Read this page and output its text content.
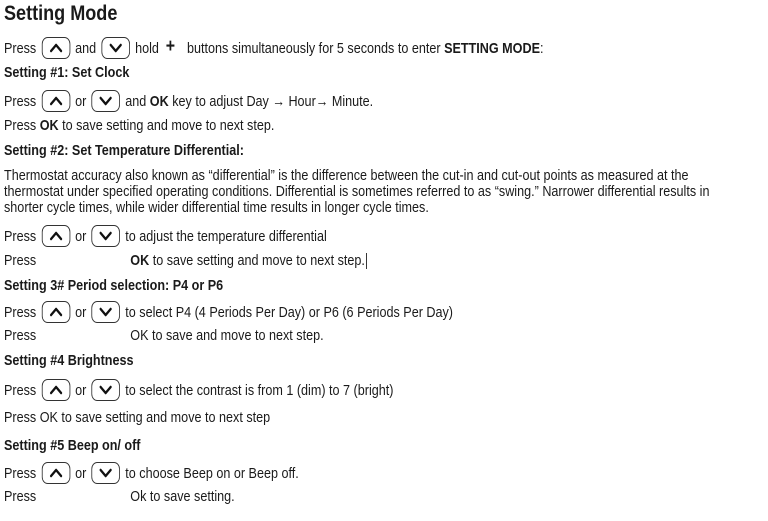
Setting Mode
Press	and	hold + buttons simultaneously for 5 seconds to enter SETTING MODE:
Setting #1: Set Clock
Press	or	and OK key to adjust Day → Hour→ Minute.
Press OK to save setting and move to next step.
Setting #2: Set Temperature Differential:
Thermostat accuracy also known as “differential” is the difference between the cut-in and cut-out points as measured at the
thermostat under specified operating conditions. Differential is sometimes referred to as “swing.” Narrower differential results in
shorter cycle times, while wider differential time results in longer cycle times.
Press	or	to adjust the temperature differential
Press	OK to save setting and move to next step.
Setting 3# Period selection: P4 or P6
Press	or	to select P4 (4 Periods Per Day) or P6 (6 Periods Per Day)
Press	OK to save and move to next step.
Setting #4 Brightness
Press	or	to select the contrast is from 1 (dim) to 7 (bright)
Press OK to save setting and move to next step
Setting #5 Beep on/ off
Press	or	to choose Beep on or Beep off.
Press	Ok to save setting.
